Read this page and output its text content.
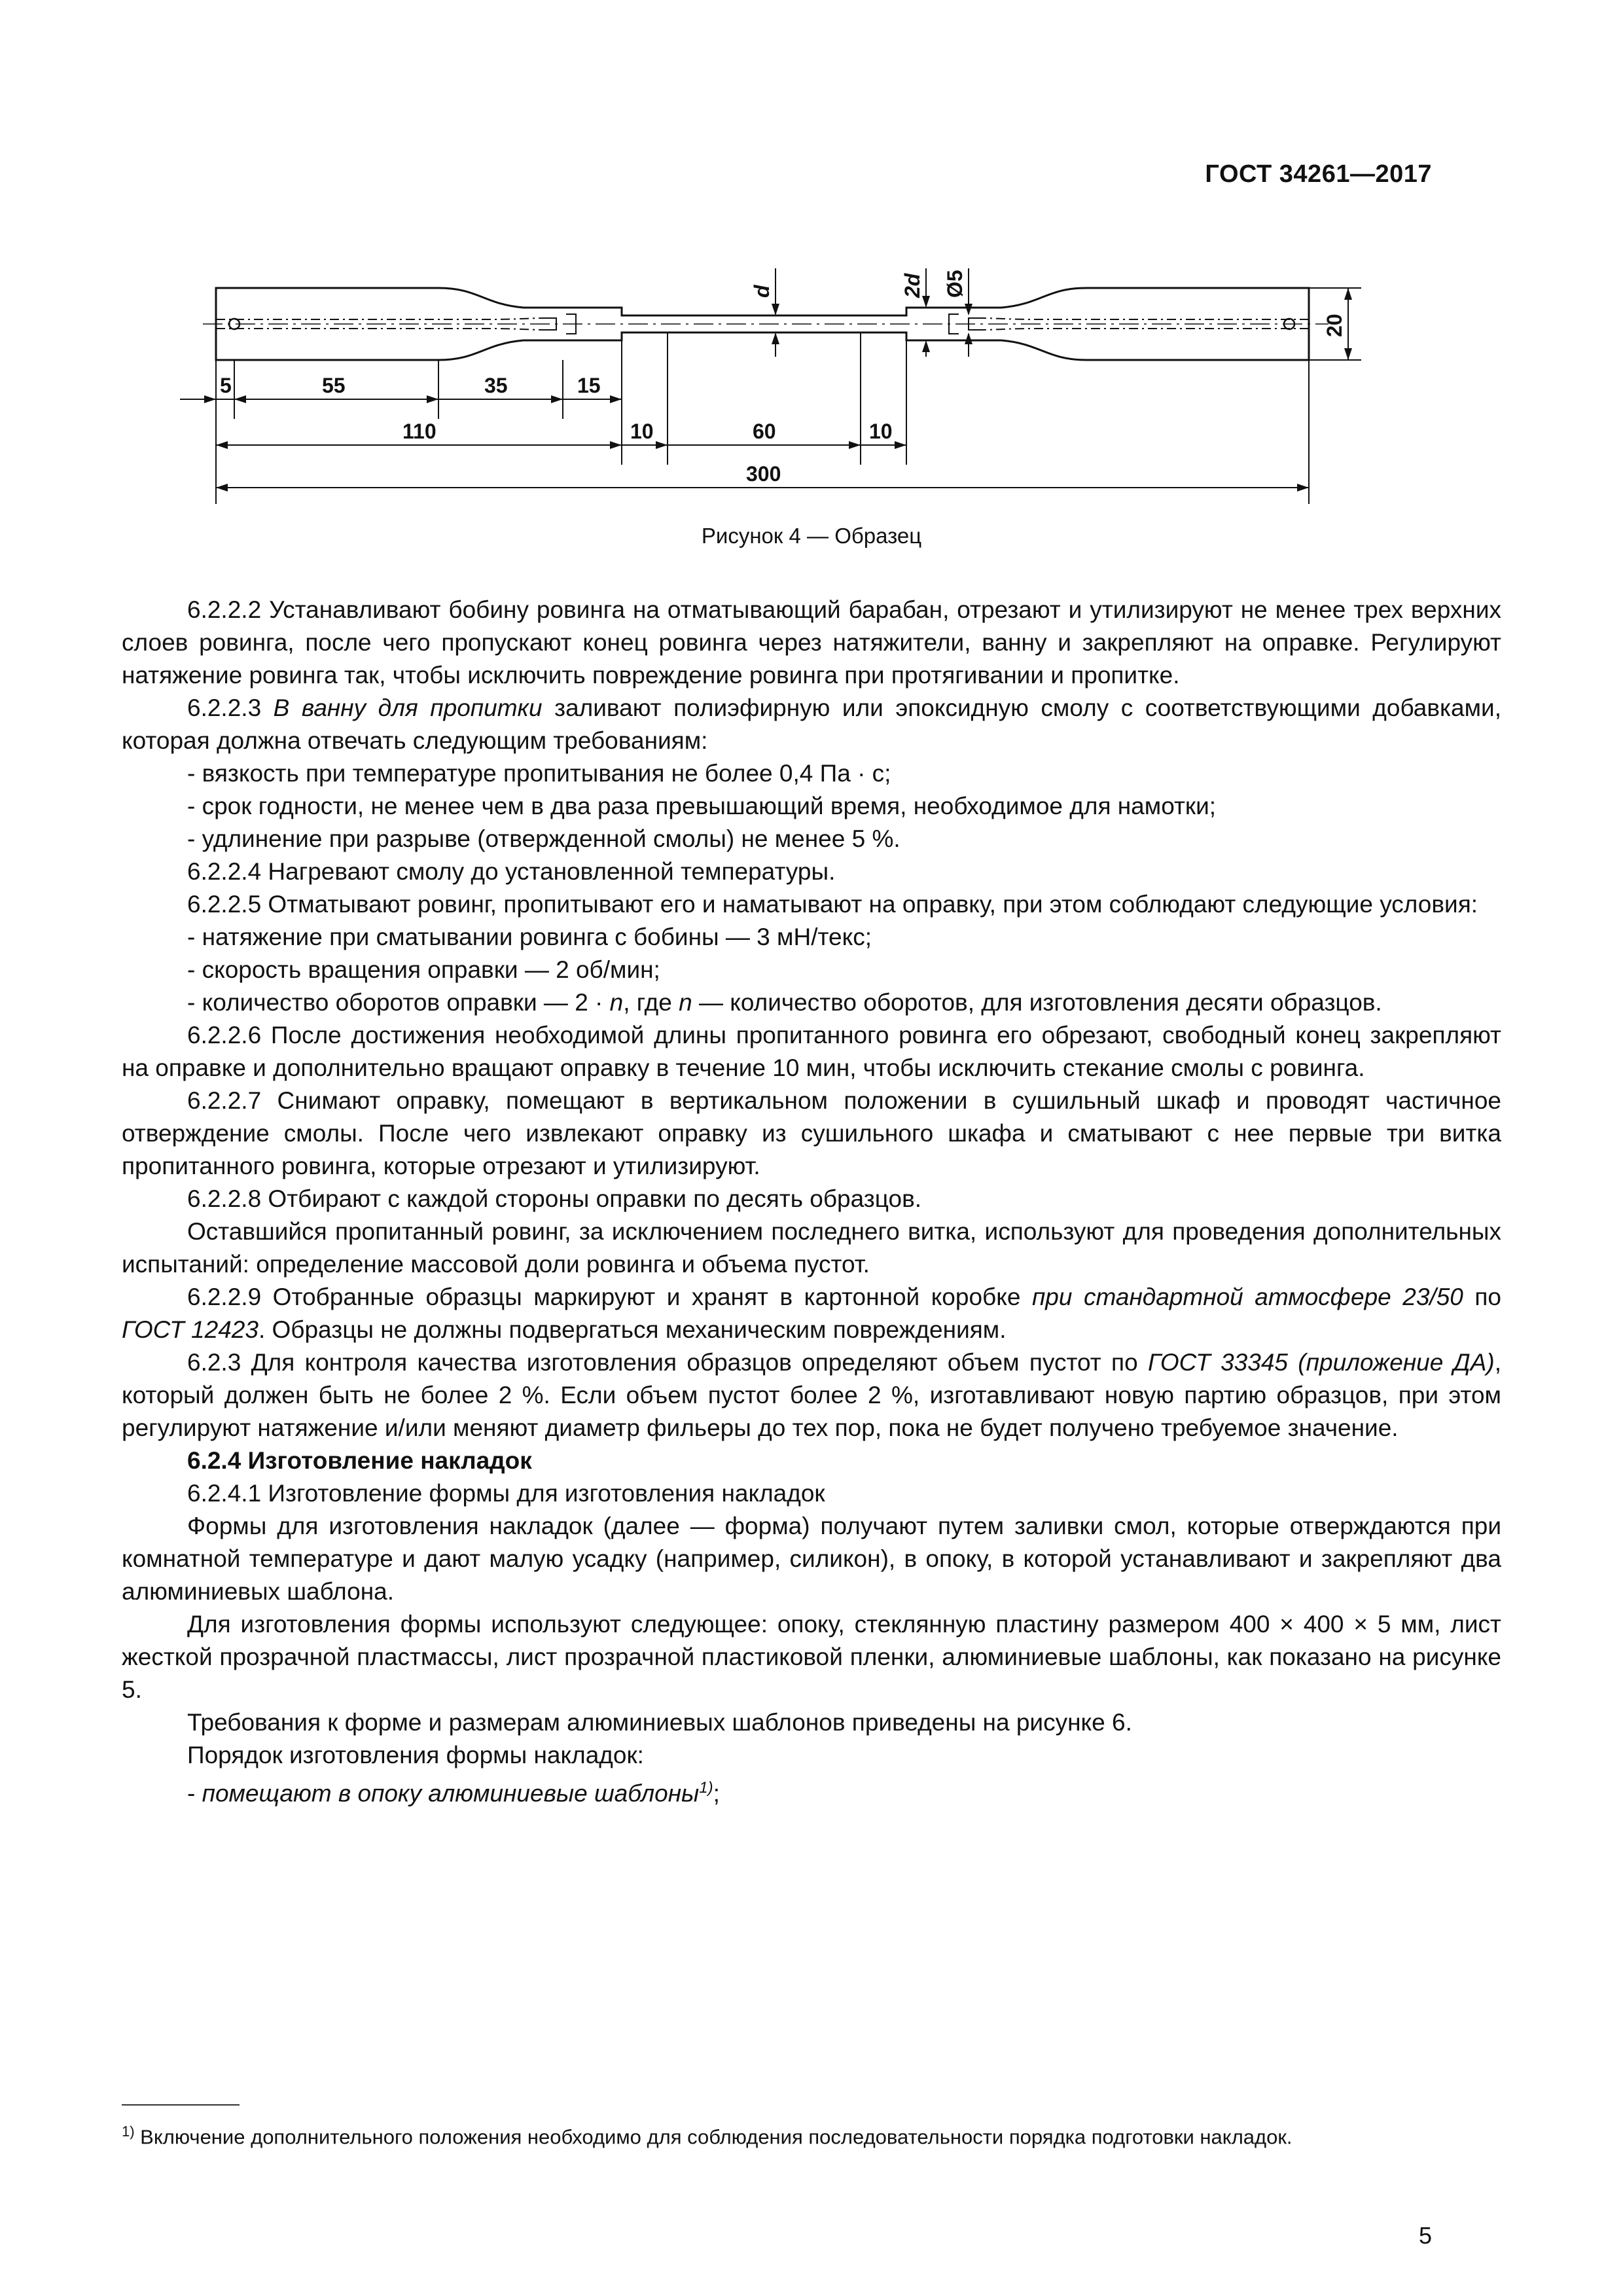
ГОСТ 34261—2017
5	55	35	15
110	10	60	10
300
20
d	2d Ø5
Рисунок 4 — Образец

6.2.2.2 Устанавливают бобину ровинга на отматывающий барабан, отрезают и утилизируют не менее трех верхних слоев ровинга, после чего пропускают конец ровинга через натяжители, ванну и закрепляют на оправке. Регулируют натяжение ровинга так, чтобы исключить повреждение ровинга при протягивании и пропитке.

6.2.2.3 В ванну для пропитки заливают полиэфирную или эпоксидную смолу с соответствующими добавками, которая должна отвечать следующим требованиям:

- вязкость при температуре пропитывания не более 0,4 Па · с;

- срок годности, не менее чем в два раза превышающий время, необходимое для намотки;

- удлинение при разрыве (отвержденной смолы) не менее 5 %.

6.2.2.4 Нагревают смолу до установленной температуры.

6.2.2.5 Отматывают ровинг, пропитывают его и наматывают на оправку, при этом соблюдают следующие условия:

- натяжение при сматывании ровинга с бобины — 3 мН/текс;

- скорость вращения оправки — 2 об/мин;

- количество оборотов оправки — 2 · n, где n — количество оборотов, для изготовления десяти образцов.

6.2.2.6 После достижения необходимой длины пропитанного ровинга его обрезают, свободный конец закрепляют на оправке и дополнительно вращают оправку в течение 10 мин, чтобы исключить стекание смолы с ровинга.

6.2.2.7 Снимают оправку, помещают в вертикальном положении в сушильный шкаф и проводят частичное отверждение смолы. После чего извлекают оправку из сушильного шкафа и сматывают с нее первые три витка пропитанного ровинга, которые отрезают и утилизируют.

6.2.2.8 Отбирают с каждой стороны оправки по десять образцов.

Оставшийся пропитанный ровинг, за исключением последнего витка, используют для проведения дополнительных испытаний: определение массовой доли ровинга и объема пустот.

6.2.2.9 Отобранные образцы маркируют и хранят в картонной коробке при стандартной атмосфере 23/50 по ГОСТ 12423. Образцы не должны подвергаться механическим повреждениям.

6.2.3 Для контроля качества изготовления образцов определяют объем пустот по ГОСТ 33345 (приложение ДА), который должен быть не более 2 %. Если объем пустот более 2 %, изготавливают новую партию образцов, при этом регулируют натяжение и/или меняют диаметр фильеры до тех пор, пока не будет получено требуемое значение.

6.2.4 Изготовление накладок

6.2.4.1 Изготовление формы для изготовления накладок

Формы для изготовления накладок (далее — форма) получают путем заливки смол, которые отверждаются при комнатной температуре и дают малую усадку (например, силикон), в опоку, в которой устанавливают и закрепляют два алюминиевых шаблона.

Для изготовления формы используют следующее: опоку, стеклянную пластину размером 400 × 400 × 5 мм, лист жесткой прозрачной пластмассы, лист прозрачной пластиковой пленки, алюминиевые шаблоны, как показано на рисунке 5.

Требования к форме и размерам алюминиевых шаблонов приведены на рисунке 6.

Порядок изготовления формы накладок:

- помещают в опоку алюминиевые шаблоны$^{1)}$;

$^{1)}$ Включение дополнительного положения необходимо для соблюдения последовательности порядка подготовки накладок.
5
